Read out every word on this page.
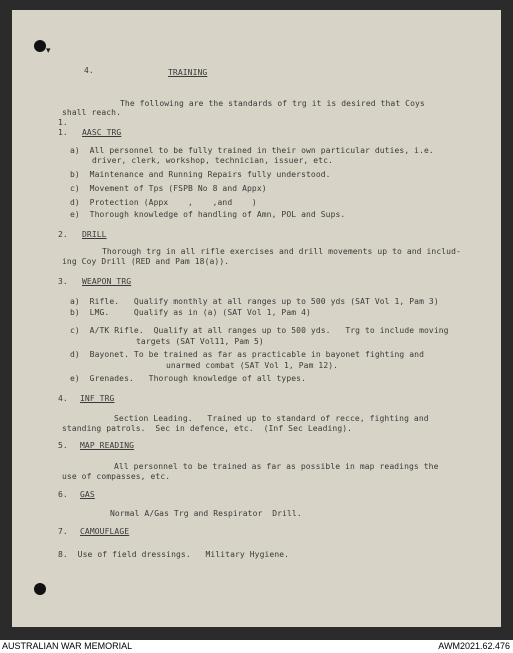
▾
4.	TRAINING
The following are the standards of trg it is desired that Coys
shall reach.
1.
1. AASC TRG
a)  All personnel to be fully trained in their own particular duties, i.e.
driver, clerk, workshop, technician, issuer, etc.
b)  Maintenance and Running Repairs fully understood.
c)  Movement of Tps (FSPB No 8 and Appx)
d)  Protection (Appx    ,    ,and    )
e)  Thorough knowledge of handling of Amn, POL and Sups.
2. DRILL
Thorough trg in all rifle exercises and drill movements up to and includ-
ing Coy Drill (RED and Pam 18(a)).
3. WEAPON TRG
a)  Rifle.   Qualify monthly at all ranges up to 500 yds (SAT Vol 1, Pam 3)
b)  LMG.     Qualify as in (a) (SAT Vol 1, Pam 4)
c)  A/TK Rifle.  Qualify at all ranges up to 500 yds.   Trg to include moving
targets (SAT Vol11, Pam 5)
d)  Bayonet. To be trained as far as practicable in bayonet fighting and
unarmed combat (SAT Vol 1, Pam 12).
e)  Grenades.   Thorough knowledge of all types.
4. INF TRG
Section Leading.   Trained up to standard of recce, fighting and
standing patrols.  Sec in defence, etc.  (Inf Sec Leading).
5. MAP READING
All personnel to be trained as far as possible in map readings the
use of compasses, etc.
6. GAS
Normal A/Gas Trg and Respirator  Drill.
7. CAMOUFLAGE
8.  Use of field dressings.   Military Hygiene.
AUSTRALIAN WAR MEMORIAL	AWM2021.62.476
